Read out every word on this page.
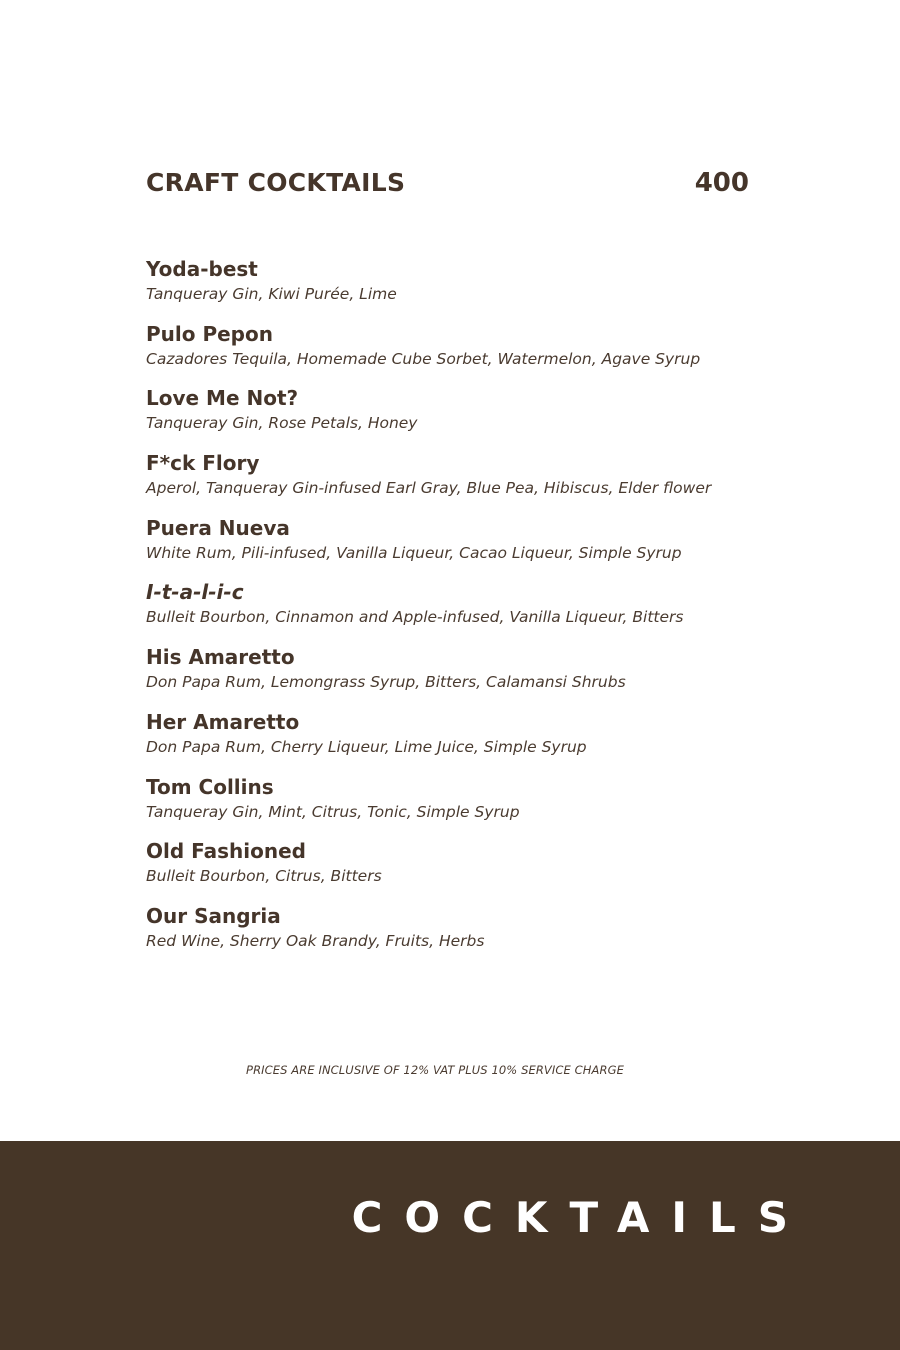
CRAFT COCKTAILS	400
Yoda-best
Tanqueray Gin, Kiwi Purée, Lime
Pulo Pepon
Cazadores Tequila, Homemade Cube Sorbet, Watermelon, Agave Syrup
Love Me Not?
Tanqueray Gin, Rose Petals, Honey
F*ck Flory
Aperol, Tanqueray Gin-infused Earl Gray, Blue Pea, Hibiscus, Elder flower
Puera Nueva
White Rum, Pili-infused, Vanilla Liqueur, Cacao Liqueur, Simple Syrup
I-t-a-l-i-c
Bulleit Bourbon, Cinnamon and Apple-infused, Vanilla Liqueur, Bitters
His Amaretto
Don Papa Rum, Lemongrass Syrup, Bitters, Calamansi Shrubs
Her Amaretto
Don Papa Rum, Cherry Liqueur, Lime Juice, Simple Syrup
Tom Collins
Tanqueray Gin, Mint, Citrus, Tonic, Simple Syrup
Old Fashioned
Bulleit Bourbon, Citrus, Bitters
Our Sangria
Red Wine, Sherry Oak Brandy, Fruits, Herbs
PRICES ARE INCLUSIVE OF 12% VAT PLUS 10% SERVICE CHARGE
COCKTAILS
